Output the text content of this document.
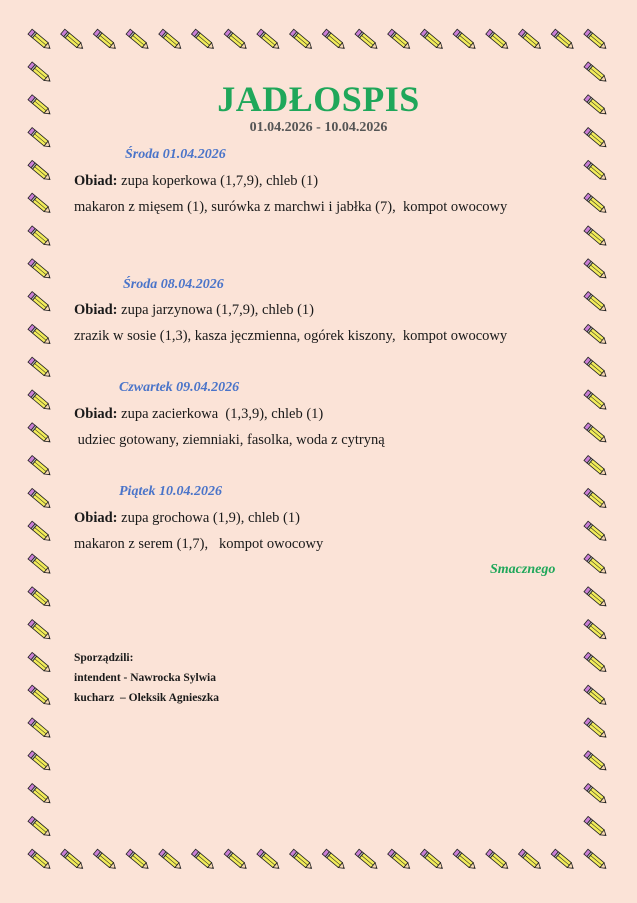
JADŁOSPIS
01.04.2026 - 10.04.2026
Środa 01.04.2026
Obiad: zupa koperkowa (1,7,9), chleb (1)
makaron z mięsem (1), surówka z marchwi i jabłka (7),  kompot owocowy
Środa 08.04.2026
Obiad: zupa jarzynowa (1,7,9), chleb (1)
zrazik w sosie (1,3), kasza jęczmienna, ogórek kiszony,  kompot owocowy
Czwartek 09.04.2026
Obiad: zupa zacierkowa  (1,3,9), chleb (1)
udziec gotowany, ziemniaki, fasolka, woda z cytryną
Piątek 10.04.2026
Obiad: zupa grochowa (1,9), chleb (1)
makaron z serem (1,7),   kompot owocowy
Smacznego
Sporządzili:
intendent - Nawrocka Sylwia
kucharz  – Oleksik Agnieszka
